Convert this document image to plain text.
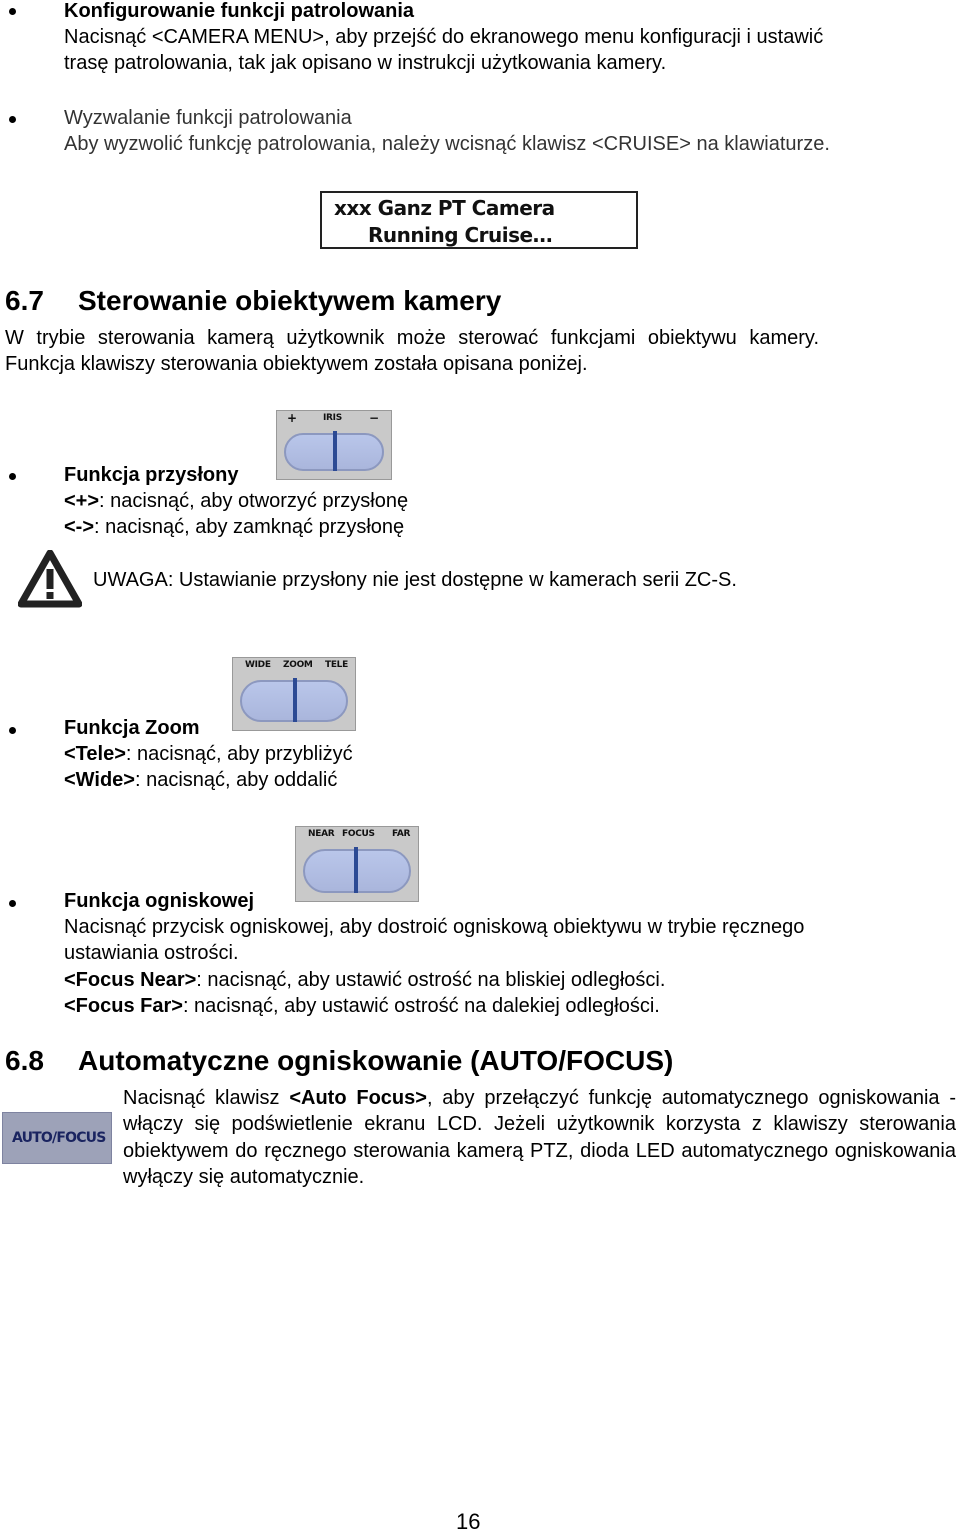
Konfigurowanie funkcji patrolowania
Nacisnąć <CAMERA MENU>, aby przejść do ekranowego menu konfiguracji i ustawić
trasę patrolowania, tak jak opisano w instrukcji użytkowania kamery.
Wyzwalanie funkcji patrolowania
Aby wyzwolić funkcję patrolowania, należy wcisnąć klawisz <CRUISE> na klawiaturze.
xxx Ganz PT Camera
Running Cruise…
6.7 Sterowanie obiektywem kamery
W trybie sterowania kamerą użytkownik może sterować funkcjami obiektywu kamery.
Funkcja klawiszy sterowania obiektywem została opisana poniżej.
+	IRIS −
Funkcja przysłony
<+>: nacisnąć, aby otworzyć przysłonę
<->: nacisnąć, aby zamknąć przysłonę
UWAGA: Ustawianie przysłony nie jest dostępne w kamerach serii ZC-S.
WIDE ZOOM TELE
Funkcja Zoom
<Tele>: nacisnąć, aby przybliżyć
<Wide>: nacisnąć, aby oddalić
NEAR FOCUS FAR
Funkcja ogniskowej
Nacisnąć przycisk ogniskowej, aby dostroić ogniskową obiektywu w trybie ręcznego
ustawiania ostrości.
<Focus Near>: nacisnąć, aby ustawić ostrość na bliskiej odległości.
<Focus Far>: nacisnąć, aby ustawić ostrość na dalekiej odległości.
6.8 Automatyczne ogniskowanie (AUTO/FOCUS)
AUTO/FOCUS
Nacisnąć klawisz <Auto Focus>, aby przełączyć funkcję automatycznego ogniskowania - włączy się podświetlenie ekranu LCD. Jeżeli użytkownik korzysta z klawiszy sterowania obiektywem do ręcznego sterowania kamerą PTZ, dioda LED automatycznego ogniskowania wyłączy się automatycznie.
16
